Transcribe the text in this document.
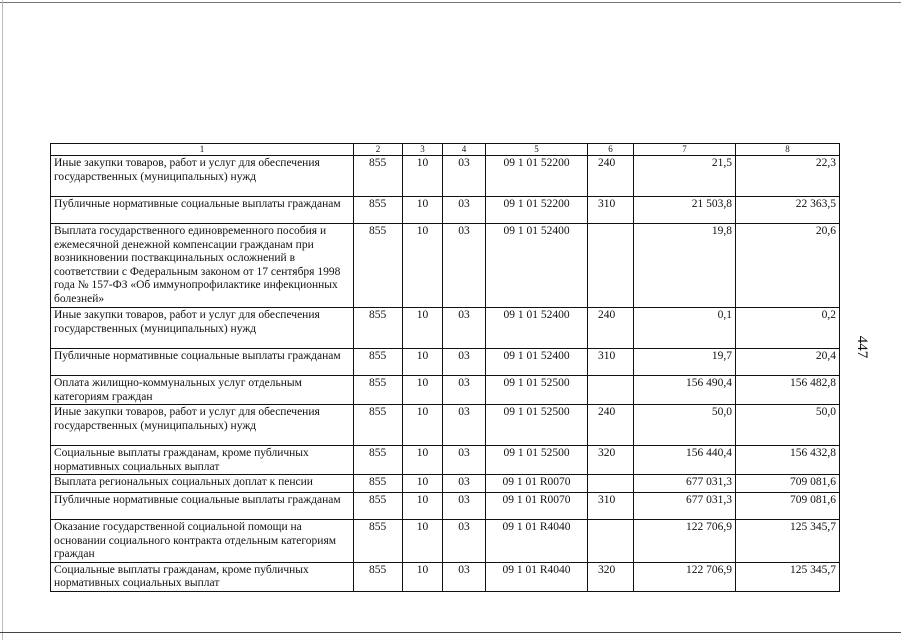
447
1	2	3	4	5	6	7	8
Иные закупки товаров, работ и услуг для обеспечения государственных (муниципальных) нужд	855	10	03	09 1 01 52200	240	21,5	22,3
Публичные нормативные социальные выплаты гражданам	855	10	03	09 1 01 52200	310	21 503,8	22 363,5
Выплата государственного единовременного пособия и ежемесячной денежной компенсации гражданам при возникновении поствакцинальных осложнений в соответствии с Федеральным законом от 17 сентября 1998 года № 157-ФЗ «Об иммунопрофилактике инфекционных болезней»	855	10	03	09 1 01 52400		19,8	20,6
Иные закупки товаров, работ и услуг для обеспечения государственных (муниципальных) нужд	855	10	03	09 1 01 52400	240	0,1	0,2
Публичные нормативные социальные выплаты гражданам	855	10	03	09 1 01 52400	310	19,7	20,4
Оплата жилищно-коммунальных услуг отдельным категориям граждан	855	10	03	09 1 01 52500		156 490,4	156 482,8
Иные закупки товаров, работ и услуг для обеспечения государственных (муниципальных) нужд	855	10	03	09 1 01 52500	240	50,0	50,0
Социальные выплаты гражданам, кроме публичных нормативных социальных выплат	855	10	03	09 1 01 52500	320	156 440,4	156 432,8
Выплата региональных социальных доплат к пенсии	855	10	03	09 1 01 R0070		677 031,3	709 081,6
Публичные нормативные социальные выплаты гражданам	855	10	03	09 1 01 R0070	310	677 031,3	709 081,6
Оказание государственной социальной помощи на основании социального контракта отдельным категориям граждан	855	10	03	09 1 01 R4040		122 706,9	125 345,7
Социальные выплаты гражданам, кроме публичных нормативных социальных выплат	855	10	03	09 1 01 R4040	320	122 706,9	125 345,7
